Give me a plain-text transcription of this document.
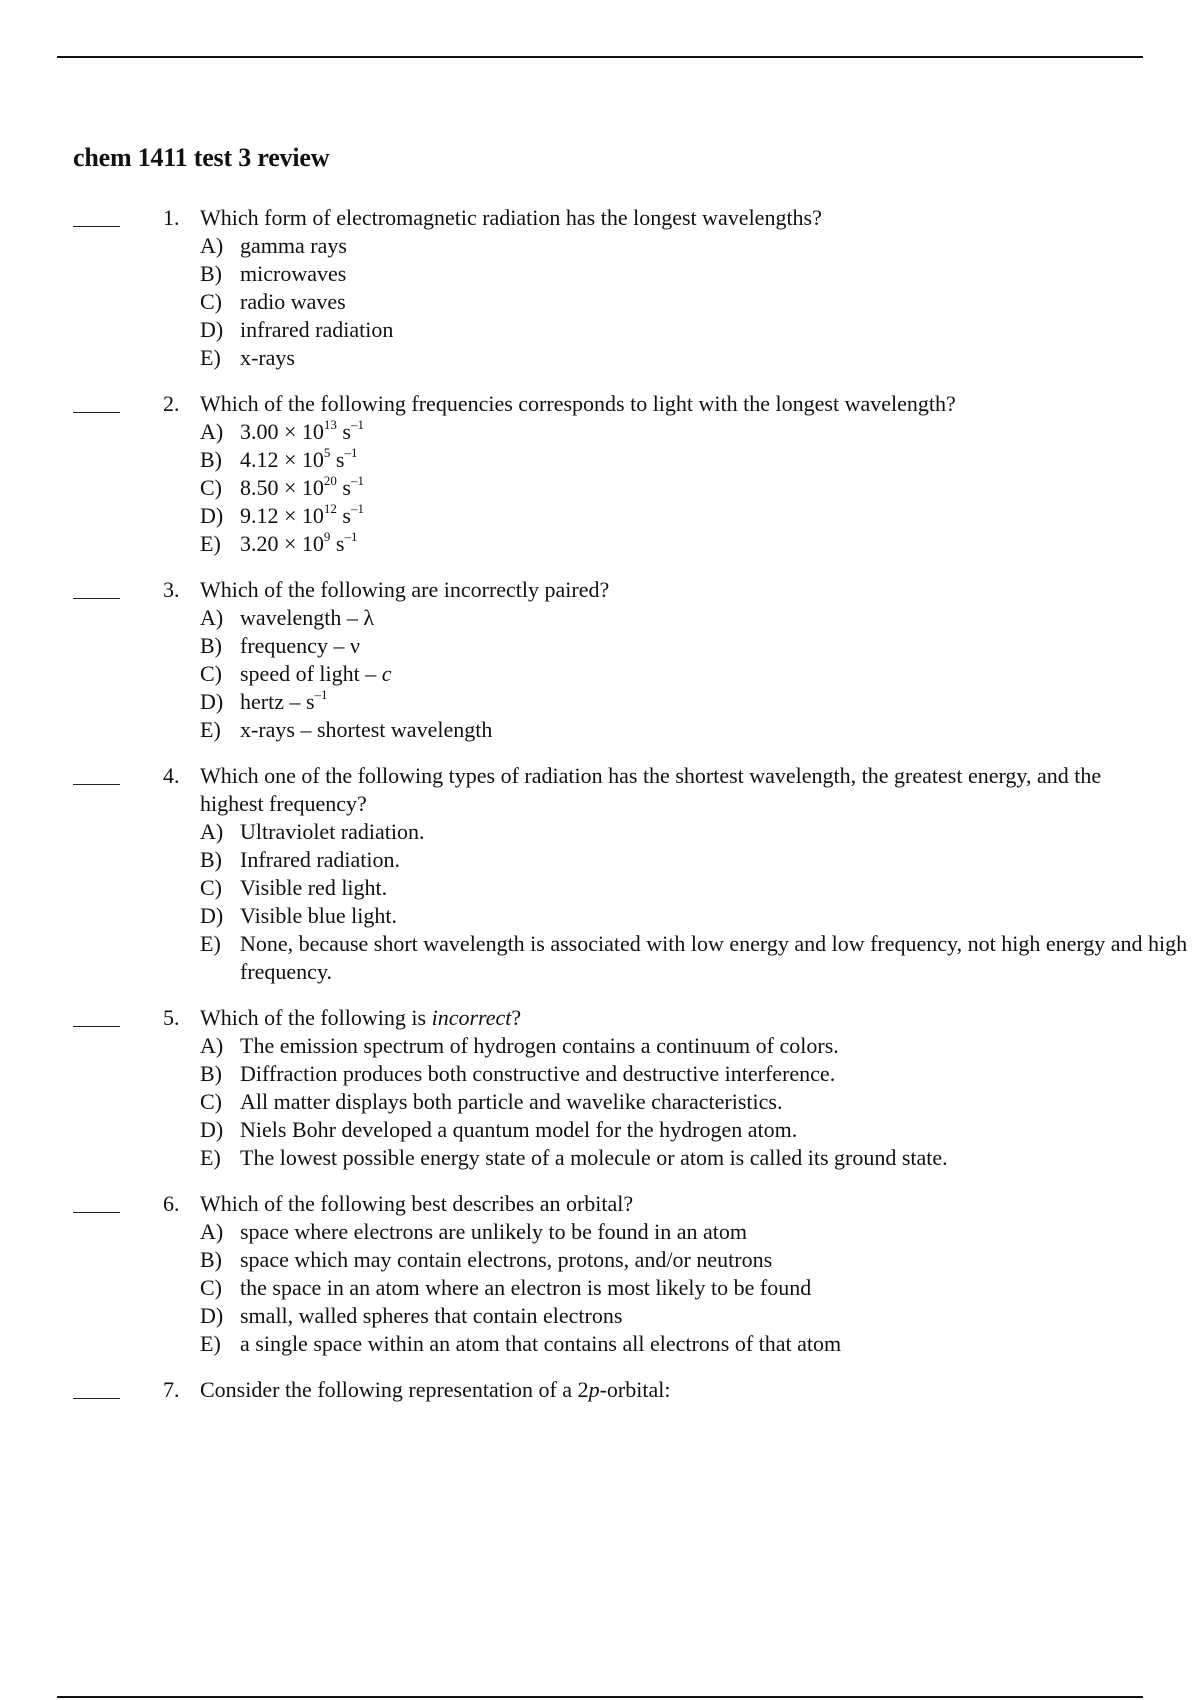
chem 1411 test 3 review
1. Which form of electromagnetic radiation has the longest wavelengths?
A) gamma rays
B) microwaves
C) radio waves
D) infrared radiation
E) x-rays
2. Which of the following frequencies corresponds to light with the longest wavelength?
A) $3.00 \times 10^{13}$ $s^{-1}$
B) $4.12 \times 10^5$ $s^{-1}$
C) $8.50 \times 10^{20}$ $s^{-1}$
D) $9.12 \times 10^{12}$ $s^{-1}$
E) $3.20 \times 10^9$ $s^{-1}$
3. Which of the following are incorrectly paired?
A) wavelength – λ
B) frequency – ν
C) speed of light – c
D) hertz – $s^{-1}$
E) x-rays – shortest wavelength
4. Which one of the following types of radiation has the shortest wavelength, the greatest energy, and the highest frequency?
A) Ultraviolet radiation.
B) Infrared radiation.
C) Visible red light.
D) Visible blue light.
E) None, because short wavelength is associated with low energy and low frequency, not high energy and high frequency.
5. Which of the following is incorrect?
A) The emission spectrum of hydrogen contains a continuum of colors.
B) Diffraction produces both constructive and destructive interference.
C) All matter displays both particle and wavelike characteristics.
D) Niels Bohr developed a quantum model for the hydrogen atom.
E) The lowest possible energy state of a molecule or atom is called its ground state.
6. Which of the following best describes an orbital?
A) space where electrons are unlikely to be found in an atom
B) space which may contain electrons, protons, and/or neutrons
C) the space in an atom where an electron is most likely to be found
D) small, walled spheres that contain electrons
E) a single space within an atom that contains all electrons of that atom
7. Consider the following representation of a 2p-orbital:
